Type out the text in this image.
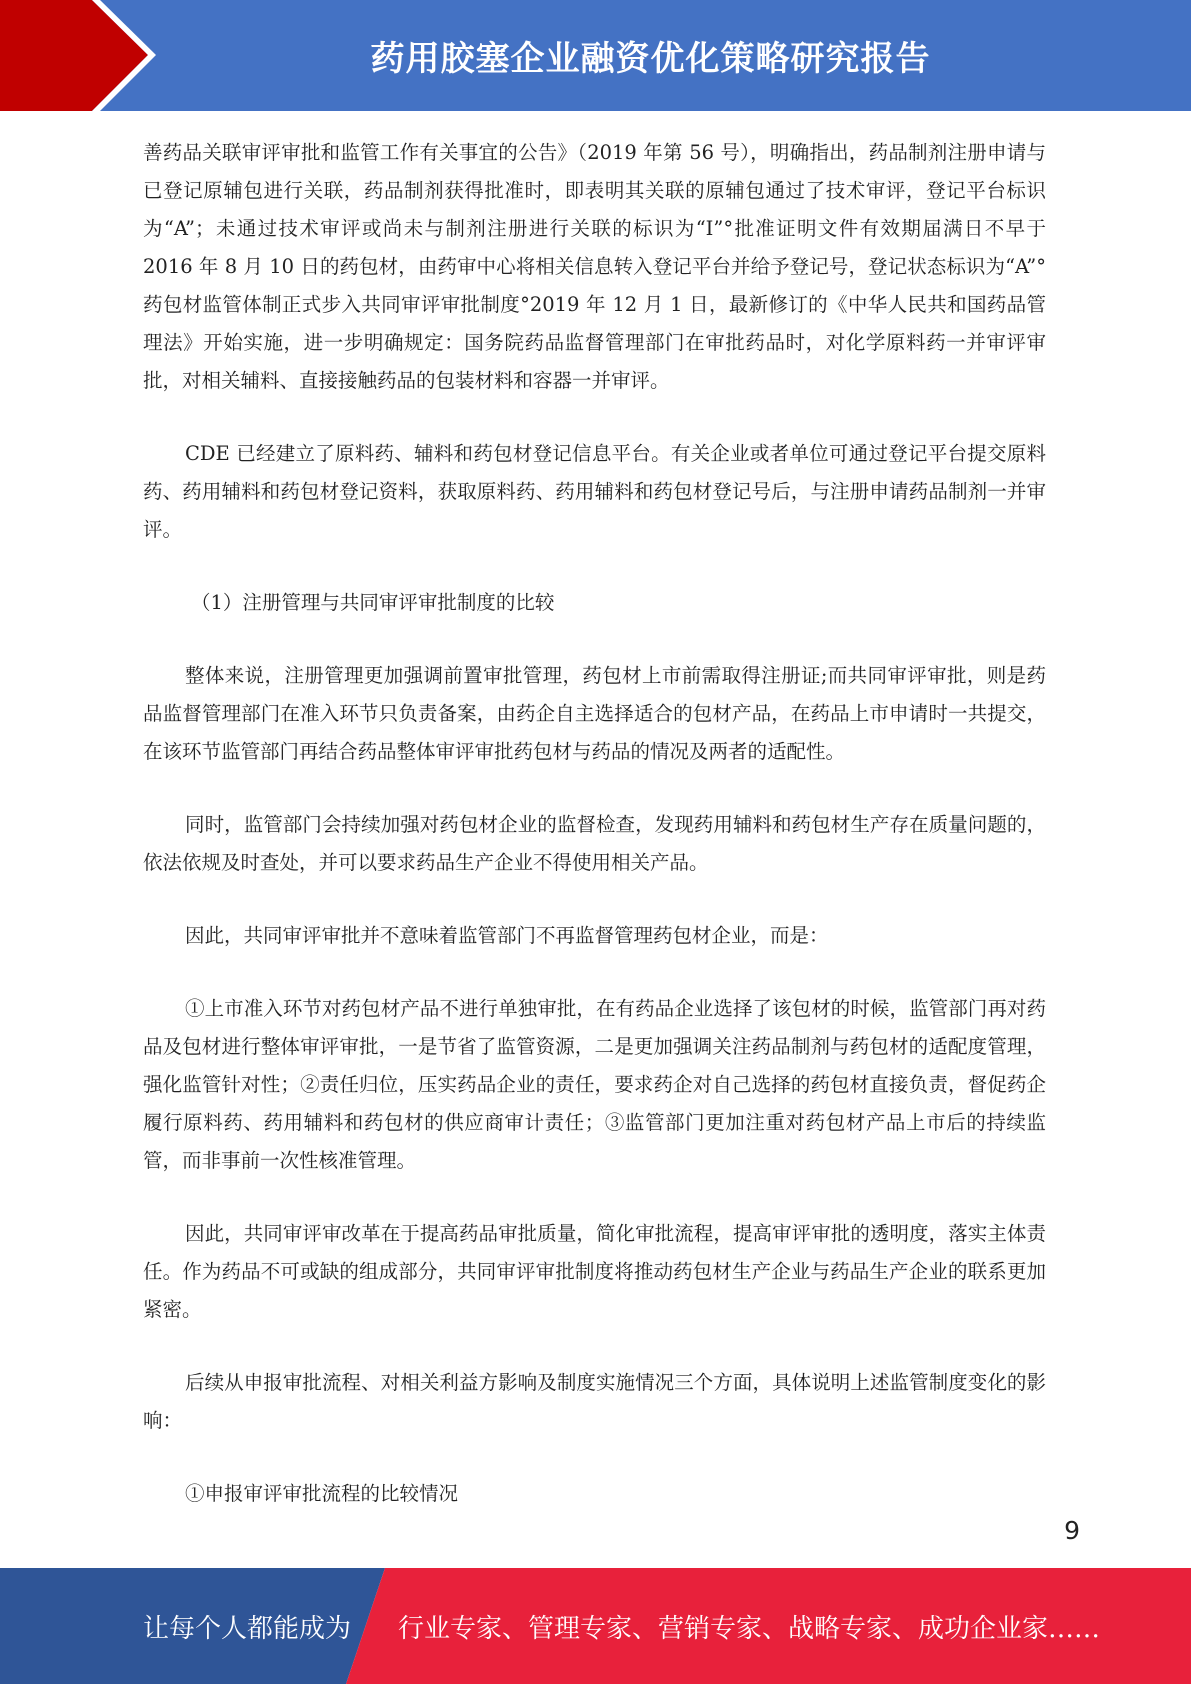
药用胶塞企业融资优化策略研究报告

善药品关联审评审批和监管工作有关事宜的公告》（2019 年第 56 号），明确指出，药品制剂注册申请与已登记原辅包进行关联，药品制剂获得批准时，即表明其关联的原辅包通过了技术审评，登记平台标识为“A”；未通过技术审评或尚未与制剂注册进行关联的标识为“I”°批准证明文件有效期届满日不早于 2016 年 8 月 10 日的药包材，由药审中心将相关信息转入登记平台并给予登记号，登记状态标识为“A”°药包材监管体制正式步入共同审评审批制度°2019 年 12 月 1 日，最新修订的《中华人民共和国药品管理法》开始实施，进一步明确规定：国务院药品监督管理部门在审批药品时，对化学原料药一并审评审批，对相关辅料、直接接触药品的包装材料和容器一并审评。

CDE 已经建立了原料药、辅料和药包材登记信息平台。有关企业或者单位可通过登记平台提交原料药、药用辅料和药包材登记资料，获取原料药、药用辅料和药包材登记号后，与注册申请药品制剂一并审评。

（1）注册管理与共同审评审批制度的比较

整体来说，注册管理更加强调前置审批管理，药包材上市前需取得注册证;而共同审评审批，则是药品监督管理部门在准入环节只负责备案，由药企自主选择适合的包材产品，在药品上市申请时一共提交，在该环节监管部门再结合药品整体审评审批药包材与药品的情况及两者的适配性。

同时，监管部门会持续加强对药包材企业的监督检查，发现药用辅料和药包材生产存在质量问题的，依法依规及时查处，并可以要求药品生产企业不得使用相关产品。

因此，共同审评审批并不意味着监管部门不再监督管理药包材企业，而是：

①上市准入环节对药包材产品不进行单独审批，在有药品企业选择了该包材的时候，监管部门再对药品及包材进行整体审评审批，一是节省了监管资源，二是更加强调关注药品制剂与药包材的适配度管理，强化监管针对性；②责任归位，压实药品企业的责任，要求药企对自己选择的药包材直接负责，督促药企履行原料药、药用辅料和药包材的供应商审计责任；③监管部门更加注重对药包材产品上市后的持续监管，而非事前一次性核准管理。

因此，共同审评审改革在于提高药品审批质量，简化审批流程，提高审评审批的透明度，落实主体责任。作为药品不可或缺的组成部分，共同审评审批制度将推动药包材生产企业与药品生产企业的联系更加紧密。

后续从申报审批流程、对相关利益方影响及制度实施情况三个方面，具体说明上述监管制度变化的影响：

①申报审评审批流程的比较情况

9
让每个人都能成为 行业专家、管理专家、营销专家、战略专家、成功企业家……
